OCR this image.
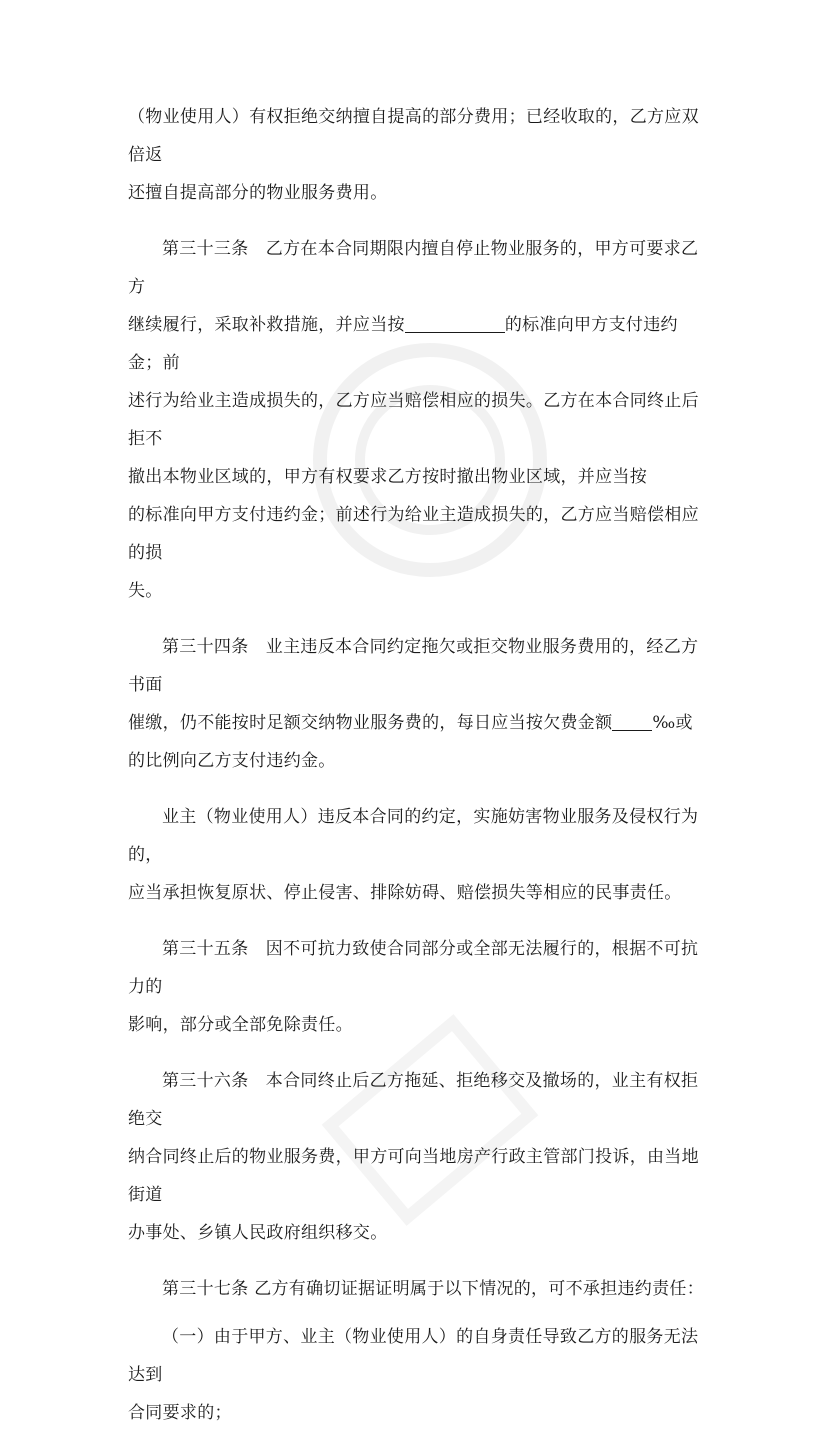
（物业使用人）有权拒绝交纳擅自提高的部分费用；已经收取的，乙方应双倍返

还擅自提高部分的物业服务费用。

第三十三条　乙方在本合同期限内擅自停止物业服务的，甲方可要求乙方

继续履行，采取补救措施，并应当按	的标准向甲方支付违约金；前

述行为给业主造成损失的，乙方应当赔偿相应的损失。乙方在本合同终止后拒不

撤出本物业区域的，甲方有权要求乙方按时撤出物业区域，并应当按

的标准向甲方支付违约金；前述行为给业主造成损失的，乙方应当赔偿相应的损

失。

第三十四条　业主违反本合同约定拖欠或拒交物业服务费用的，经乙方书面

催缴，仍不能按时足额交纳物业服务费的，每日应当按欠费金额 ‰或

的比例向乙方支付违约金。

业主（物业使用人）违反本合同的约定，实施妨害物业服务及侵权行为的，

应当承担恢复原状、停止侵害、排除妨碍、赔偿损失等相应的民事责任。

第三十五条　因不可抗力致使合同部分或全部无法履行的，根据不可抗力的

影响，部分或全部免除责任。

第三十六条　本合同终止后乙方拖延、拒绝移交及撤场的，业主有权拒绝交

纳合同终止后的物业服务费，甲方可向当地房产行政主管部门投诉，由当地街道

办事处、乡镇人民政府组织移交。

第三十七条 乙方有确切证据证明属于以下情况的，可不承担违约责任：

（一）由于甲方、业主（物业使用人）的自身责任导致乙方的服务无法达到

合同要求的；
